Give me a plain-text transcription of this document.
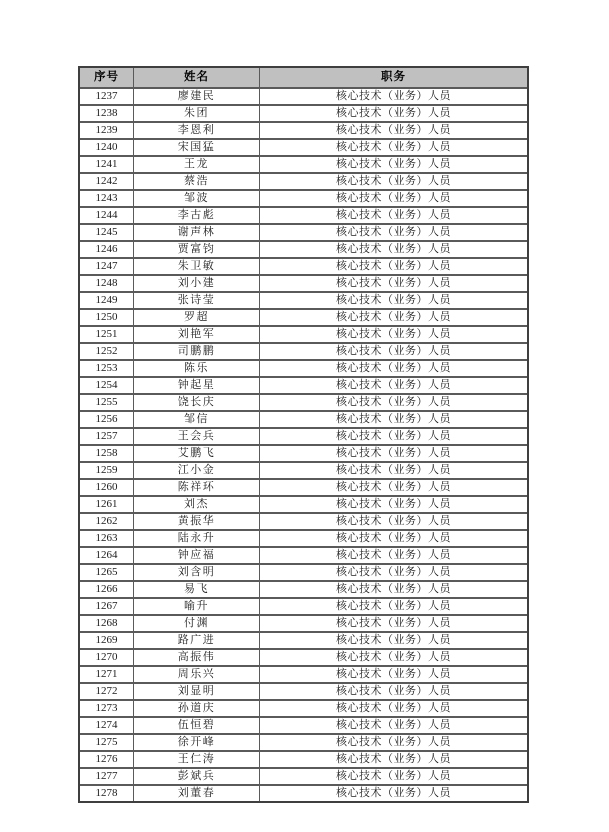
序号	姓名	职务
1237	廖建民	核心技术（业务）人员
1238	朱团	核心技术（业务）人员
1239	李恩利	核心技术（业务）人员
1240	宋国猛	核心技术（业务）人员
1241	王龙	核心技术（业务）人员
1242	蔡浩	核心技术（业务）人员
1243	邹波	核心技术（业务）人员
1244	李古彪	核心技术（业务）人员
1245	谢声林	核心技术（业务）人员
1246	贾富钧	核心技术（业务）人员
1247	朱卫敏	核心技术（业务）人员
1248	刘小建	核心技术（业务）人员
1249	张诗莹	核心技术（业务）人员
1250	罗超	核心技术（业务）人员
1251	刘艳军	核心技术（业务）人员
1252	司鹏鹏	核心技术（业务）人员
1253	陈乐	核心技术（业务）人员
1254	钟起星	核心技术（业务）人员
1255	饶长庆	核心技术（业务）人员
1256	邹信	核心技术（业务）人员
1257	王会兵	核心技术（业务）人员
1258	艾鹏飞	核心技术（业务）人员
1259	江小金	核心技术（业务）人员
1260	陈祥环	核心技术（业务）人员
1261	刘杰	核心技术（业务）人员
1262	黄振华	核心技术（业务）人员
1263	陆永升	核心技术（业务）人员
1264	钟应福	核心技术（业务）人员
1265	刘含明	核心技术（业务）人员
1266	易飞	核心技术（业务）人员
1267	喻升	核心技术（业务）人员
1268	付渊	核心技术（业务）人员
1269	路广进	核心技术（业务）人员
1270	高振伟	核心技术（业务）人员
1271	周乐兴	核心技术（业务）人员
1272	刘显明	核心技术（业务）人员
1273	孙道庆	核心技术（业务）人员
1274	伍恒碧	核心技术（业务）人员
1275	徐开峰	核心技术（业务）人员
1276	王仁涛	核心技术（业务）人员
1277	彭斌兵	核心技术（业务）人员
1278	刘董春	核心技术（业务）人员
